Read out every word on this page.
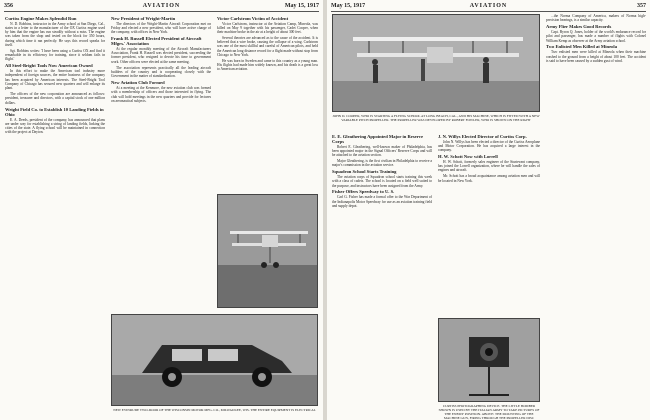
356	AVIATION	May 15, 1917
Curtiss Engine Makes Splendid Run

N. D. Robbins, instructor in the Army school at San Diego, Cal., states in a letter to the manufacturer of the OX Curtiss engine used by him that the engine has run steadily without a miss. The engine was taken from the shop and tested on the block for 350 hours, during which time it ran perfectly. He says this record speaks for itself.

Sgt. Robbins writes: 'I have been using a Curtiss OX and find it remarkable in its efficiency for training, since it seldom fails in flight.'

All Steel-Bright Tools Now American Owned

In this effort to make the American tool industry more independent of foreign sources, the entire business of the company has been acquired by American interests. The Steel-Bright Tool Company of Chicago has secured new quarters and will enlarge its plant.

The officers of the new corporation are announced as follows: president, treasurer and directors, with a capital stock of one million dollars.

Weight Field Co. to Establish 10 Landing Fields in Ohio

E. A. Deeds, president of the company, has announced that plans are under way for establishing a string of landing fields, linking the cities of the state. A flying school will be maintained in connection with the project at Dayton.

New President of Wright-Martin

The directors of the Wright-Martin Aircraft Corporation met on Friday and elected a new president, who will have active charge of the company, with offices in New York.

Frank H. Russell Elected President of Aircraft Mfgrs.' Association

At the regular monthly meeting of the Aircraft Manufacturers Association, Frank H. Russell was elected president, succeeding the former president, who resigned to devote his time to government work. Other officers were elected at the same meeting.

The association represents practically all the leading aircraft builders of the country and is cooperating closely with the Government in the matter of standardization.

New Aviation Club Formed

At a meeting at the Kenmore, the new aviation club was formed with a membership of officers and those interested in flying. The club will hold meetings in the new quarters and provide for lectures on aeronautical subjects.

Victor Carlstrom Victim of Accident

Victor Carlstrom, instructor at the Aviation Camp, Mineola, was killed on May 9 together with his passenger, Cadet Cooper, when their machine broke in the air at a height of about 300 feet.

Several theories are advanced as to the cause of the accident. It is believed that a wire broke, causing the collapse of a wing. Carlstrom was one of the most skillful and careful of American pilots, and held the American long distance record for a flight made without stop from Chicago to New York.

He was born in Sweden and came to this country as a young man. His flights had made him widely known, and his death is a great loss to American aviation.

NEW EVINRUDE TWO-DOOR OF THE WISCONSIN MOTOR MFG. CO., MILWAUKEE, WIS. THE ENTIRE EQUIPMENT IS ELECTRICAL
May 15, 1917	AVIATION	357
JOHN D. COOPER, WHO IS STARTING A FLYING SCHOOL AT LONG BEACH, CAL., AND HIS MACHINE, WHICH IS FITTED WITH A NEW VARIABLE PITCH PROPELLER. THE PROPELLER WAS DEVELOPED BY ROBERT FOWLER, WHO IS SHOWN ON THE RIGHT
E. E. Gleathering Appointed Major in Reserve Corps

Robert E. Gleathering, well-known maker of Philadelphia, has been appointed major in the Signal Officers' Reserve Corps and will be attached to the aviation section.

Major Gleathering, is the first civilian in Philadelphia to receive a major's commission in the aviation service.

Squadron School Starts Training

The aviation corps of Squadron school starts training this week with a class of cadets. The school is located on a field well suited to the purpose, and instructors have been assigned from the Army.

Fisher Offers Speedway to U. S.

Carl G. Fisher has made a formal offer to the War Department of the Indianapolis Motor Speedway for use as an aviation training field and supply depot.

J. N. Willys Elected Director of Curtiss Corp.

John N. Willys has been elected a director of the Curtiss Aeroplane and Motor Corporation. He has acquired a large interest in the company.

H. W. Schott Now with Lorrell

H. W. Schott, formerly sales engineer of the Sturtevant company, has joined the Lorrell organization, where he will handle the sales of engines and aircraft.

Mr. Schott has a broad acquaintance among aviation men and will be located in New York.

...the Norma Company of America, makers of Norma high-precision bearings, is a similar capacity.

Army Flier Makes Good Records

Capt. Byron Q. Jones, holder of the world's endurance record for pilot and passenger, has made a number of flights with Colonel William Kemp as observer at the Army aviation school.

Two Enlisted Men Killed at Mineola

Two enlisted men were killed at Mineola when their machine crashed to the ground from a height of about 100 feet. The accident is said to have been caused by a sudden gust of wind.

CURTISS PHOTOGRAPHING DEVICE. THE LITTLE BOMBER SHOWN IS USED BY THE ITALIAN ARMY TO TAKE PICTURES OF THE ENEMY POSITION. ABOVE: THE MOUNTING OF THE MACHINE GUN, FIRING THROUGH THE PROPELLER DISC
